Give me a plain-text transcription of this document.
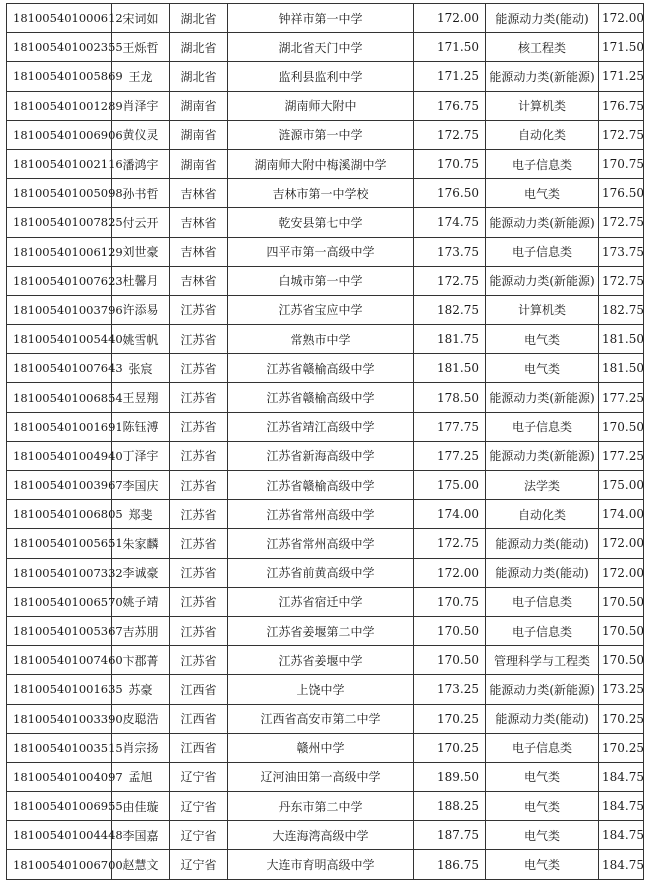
181005401000612	宋词如	湖北省	钟祥市第一中学	172.00	能源动力类(能动)	172.00
181005401002355	王烁哲	湖北省	湖北省天门中学	171.50	核工程类	171.50
181005401005869	王龙	湖北省	监利县监利中学	171.25	能源动力类(新能源)	171.25
181005401001289	肖泽宇	湖南省	湖南师大附中	176.75	计算机类	176.75
181005401006906	黄仪灵	湖南省	涟源市第一中学	172.75	自动化类	172.75
181005401002116	潘鸿宇	湖南省	湖南师大附中梅溪湖中学	170.75	电子信息类	170.75
181005401005098	孙书哲	吉林省	吉林市第一中学校	176.50	电气类	176.50
181005401007825	付云开	吉林省	乾安县第七中学	174.75	能源动力类(新能源)	172.75
181005401006129	刘世豪	吉林省	四平市第一高级中学	173.75	电子信息类	173.75
181005401007623	杜馨月	吉林省	白城市第一中学	172.75	能源动力类(新能源)	172.75
181005401003796	许添易	江苏省	江苏省宝应中学	182.75	计算机类	182.75
181005401005440	姚雪帆	江苏省	常熟市中学	181.75	电气类	181.50
181005401007643	张宸	江苏省	江苏省赣榆高级中学	181.50	电气类	181.50
181005401006854	王昱翔	江苏省	江苏省赣榆高级中学	178.50	能源动力类(新能源)	177.25
181005401001691	陈钰溥	江苏省	江苏省靖江高级中学	177.75	电子信息类	170.50
181005401004940	丁泽宇	江苏省	江苏省新海高级中学	177.25	能源动力类(新能源)	177.25
181005401003967	李国庆	江苏省	江苏省赣榆高级中学	175.00	法学类	175.00
181005401006805	郑斐	江苏省	江苏省常州高级中学	174.00	自动化类	174.00
181005401005651	朱家麟	江苏省	江苏省常州高级中学	172.75	能源动力类(能动)	172.00
181005401007332	李诚豪	江苏省	江苏省前黄高级中学	172.00	能源动力类(能动)	172.00
181005401006570	姚子靖	江苏省	江苏省宿迁中学	170.75	电子信息类	170.50
181005401005367	吉苏朋	江苏省	江苏省姜堰第二中学	170.50	电子信息类	170.50
181005401007460	卞郡菁	江苏省	江苏省姜堰中学	170.50	管理科学与工程类	170.50
181005401001635	苏豪	江西省	上饶中学	173.25	能源动力类(新能源)	173.25
181005401003390	皮聪浩	江西省	江西省高安市第二中学	170.25	能源动力类(能动)	170.25
181005401003515	肖宗扬	江西省	赣州中学	170.25	电子信息类	170.25
181005401004097	孟旭	辽宁省	辽河油田第一高级中学	189.50	电气类	184.75
181005401006955	由佳璇	辽宁省	丹东市第二中学	188.25	电气类	184.75
181005401004448	李国嘉	辽宁省	大连海湾高级中学	187.75	电气类	184.75
181005401006700	赵慧文	辽宁省	大连市育明高级中学	186.75	电气类	184.75
